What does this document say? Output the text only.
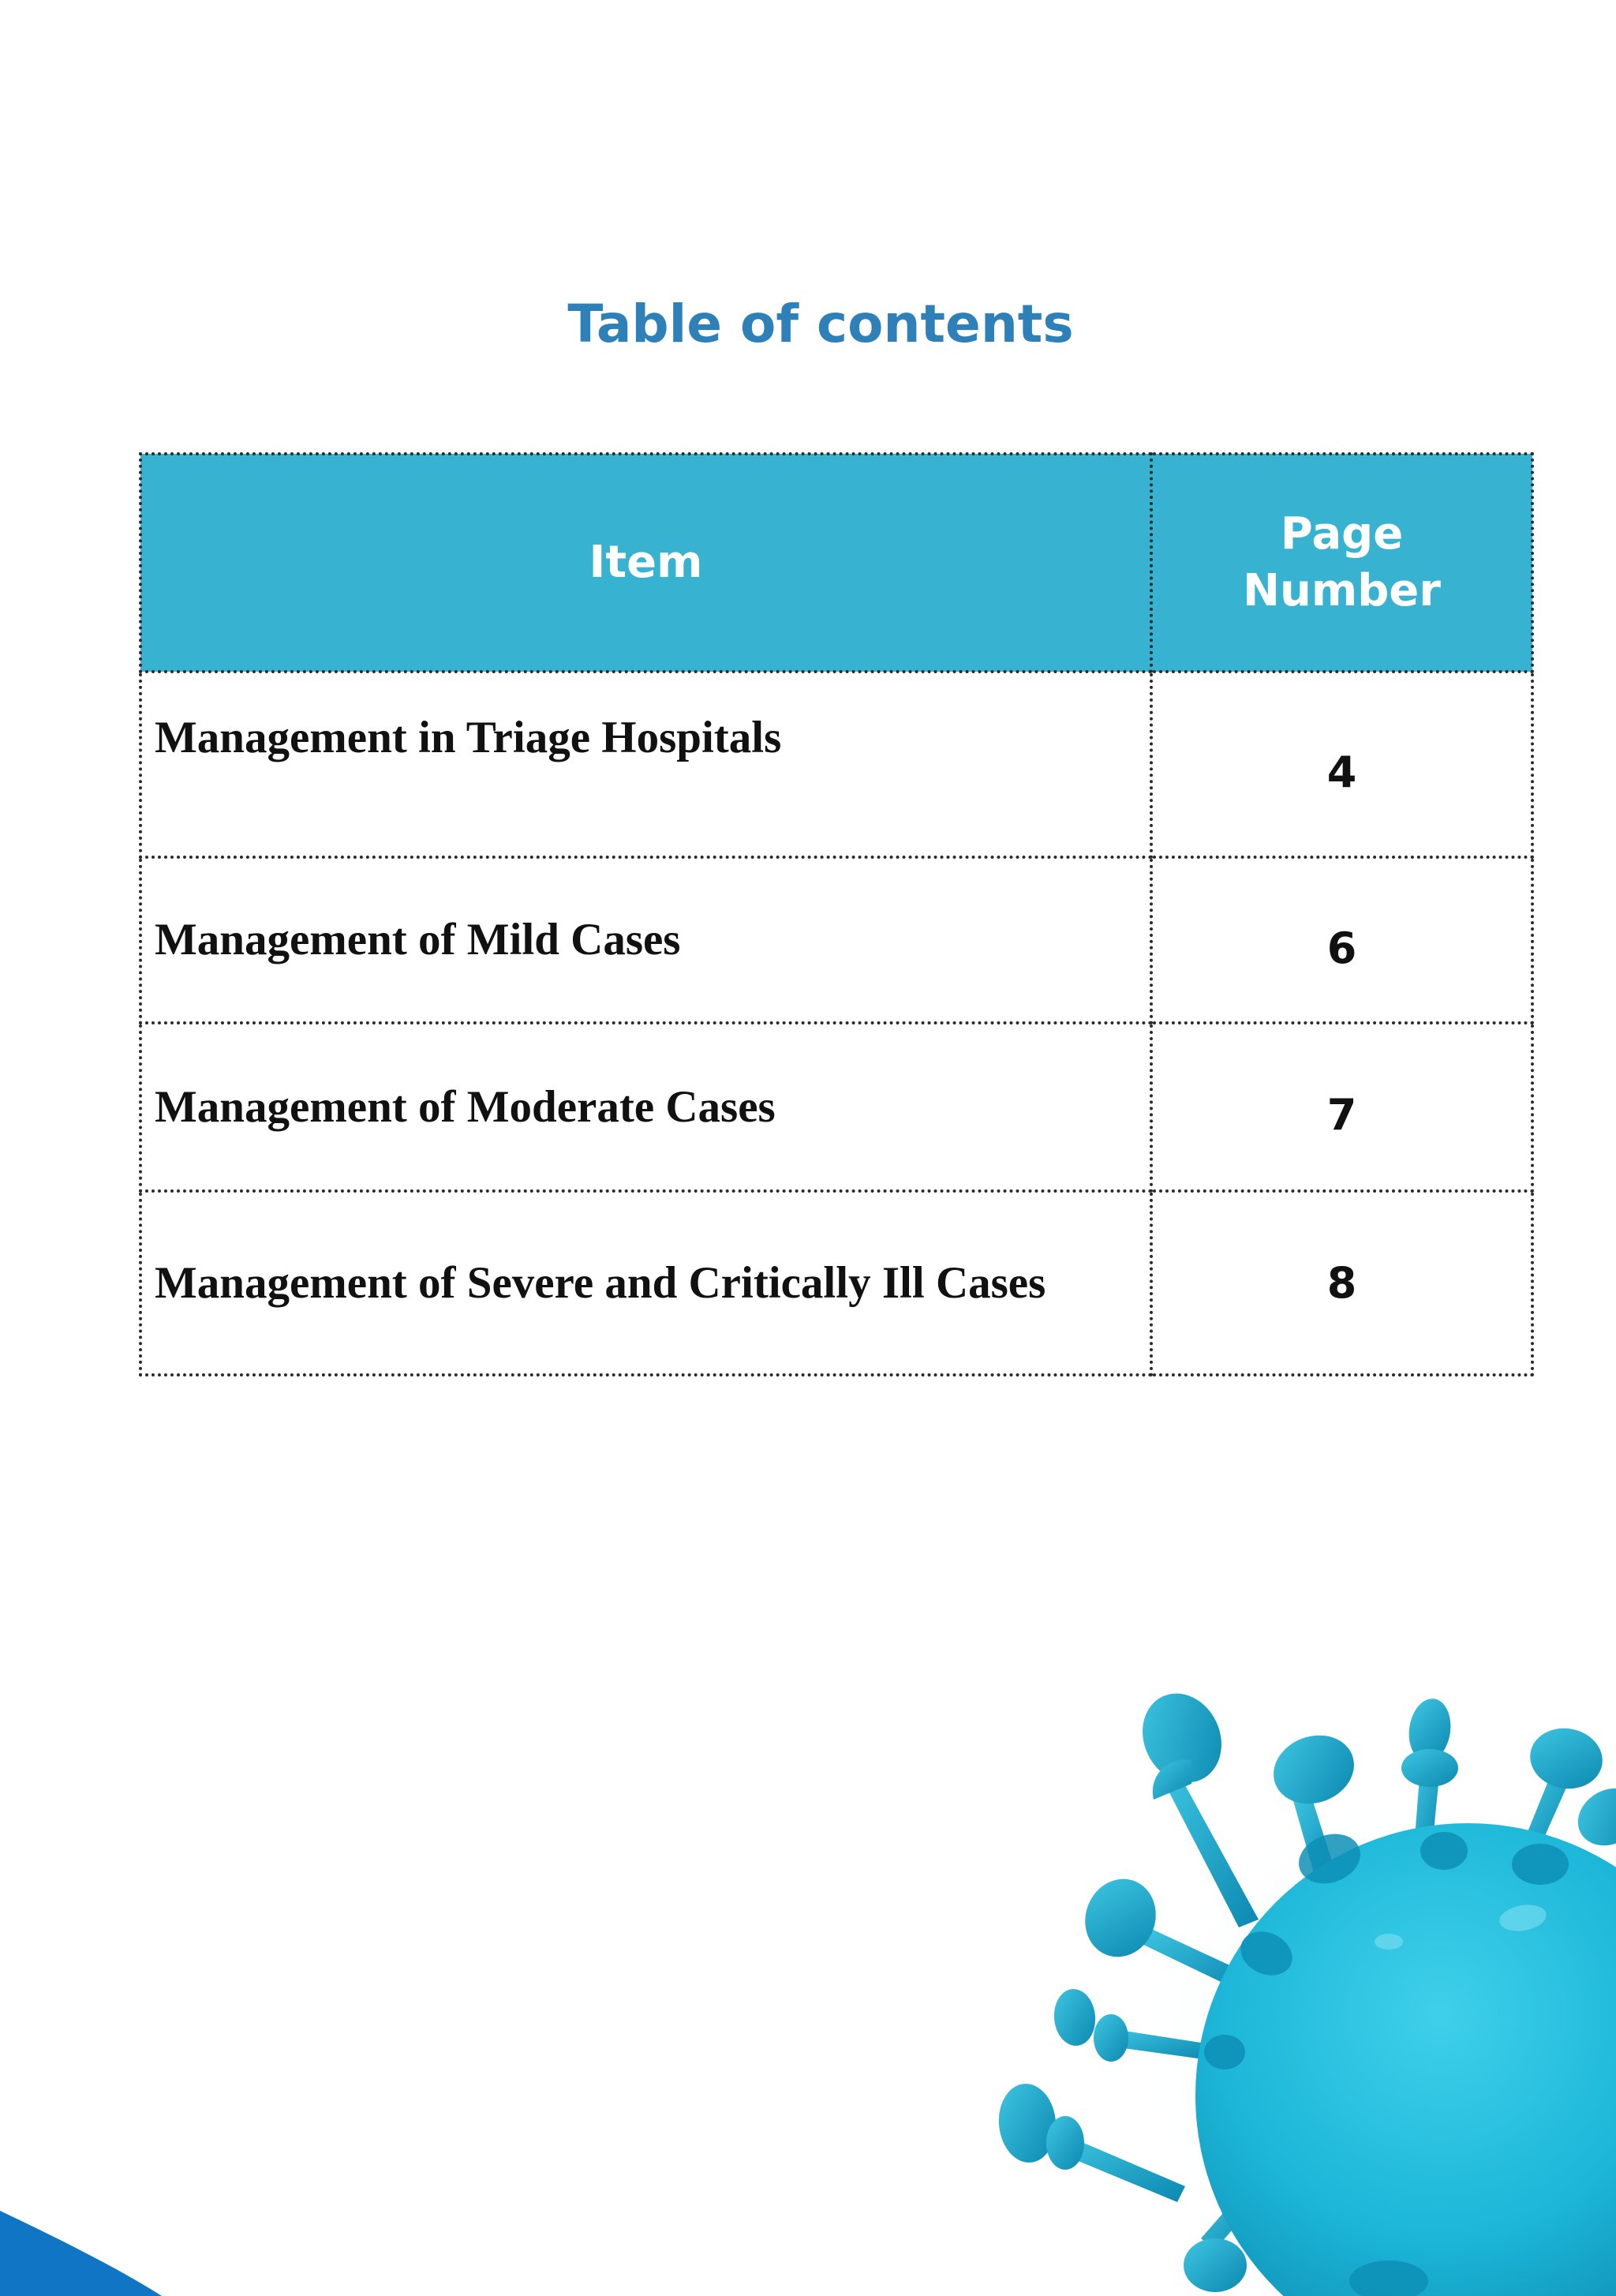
Table of contents
Item	Page Number
Management in Triage Hospitals	4
Management of Mild Cases	6
Management of Moderate Cases	7
Management of Severe and Critically Ill Cases	8
